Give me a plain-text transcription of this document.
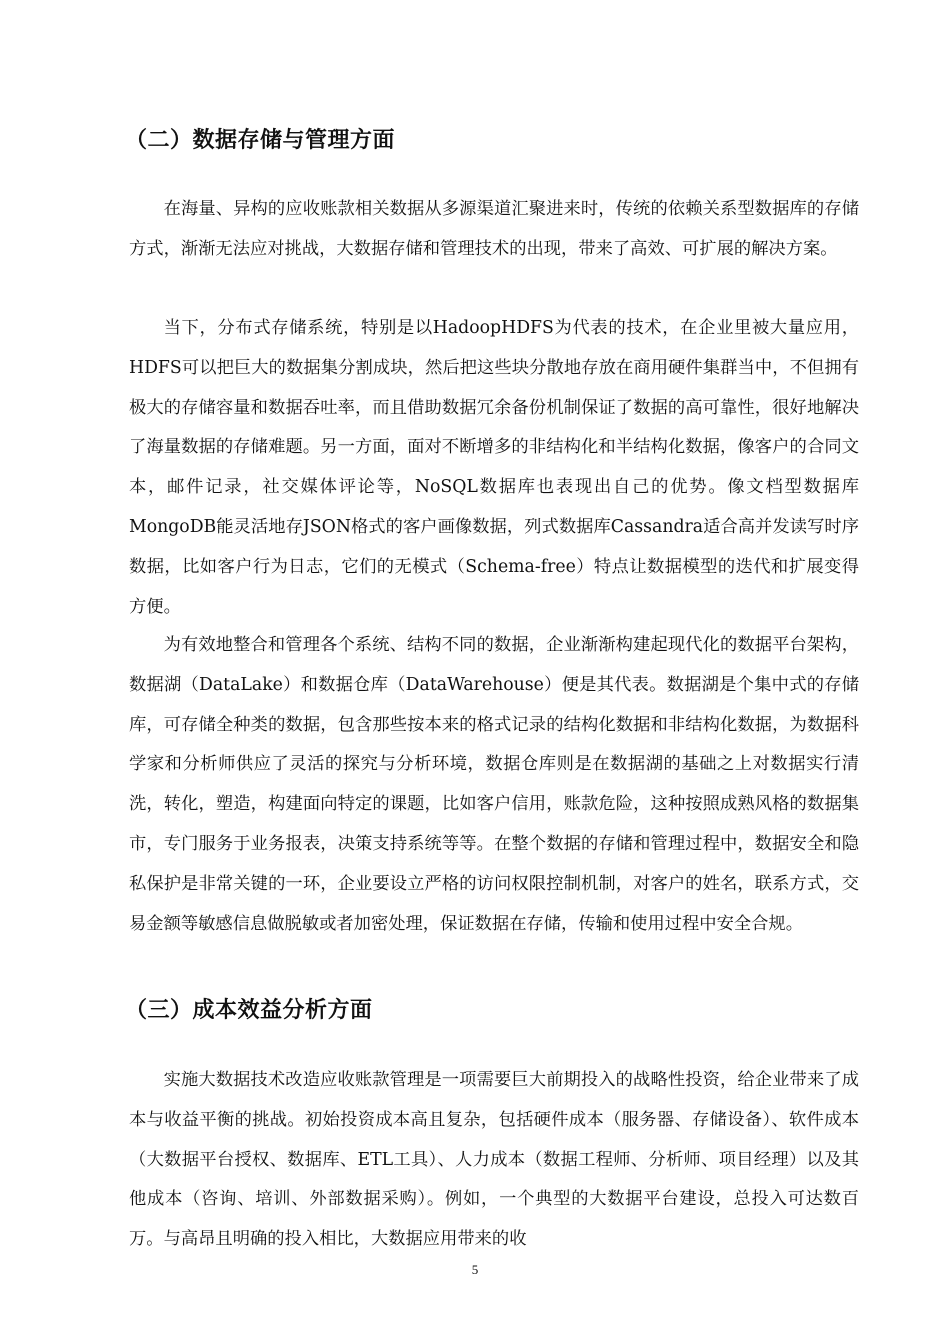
（二）数据存储与管理方面

在海量、异构的应收账款相关数据从多源渠道汇聚进来时，传统的依赖关系型数据库的存储方式，渐渐无法应对挑战，大数据存储和管理技术的出现，带来了高效、可扩展的解决方案。

当下，分布式存储系统，特别是以HadoopHDFS为代表的技术，在企业里被大量应用，HDFS可以把巨大的数据集分割成块，然后把这些块分散地存放在商用硬件集群当中，不但拥有极大的存储容量和数据吞吐率，而且借助数据冗余备份机制保证了数据的高可靠性，很好地解决了海量数据的存储难题。另一方面，面对不断增多的非结构化和半结构化数据，像客户的合同文本，邮件记录，社交媒体评论等，NoSQL数据库也表现出自己的优势。像文档型数据库MongoDB能灵活地存JSON格式的客户画像数据，列式数据库Cassandra适合高并发读写时序数据，比如客户行为日志，它们的无模式（Schema-free）特点让数据模型的迭代和扩展变得方便。

为有效地整合和管理各个系统、结构不同的数据，企业渐渐构建起现代化的数据平台架构，数据湖（DataLake）和数据仓库（DataWarehouse）便是其代表。数据湖是个集中式的存储库，可存储全种类的数据，包含那些按本来的格式记录的结构化数据和非结构化数据，为数据科学家和分析师供应了灵活的探究与分析环境，数据仓库则是在数据湖的基础之上对数据实行清洗，转化，塑造，构建面向特定的课题，比如客户信用，账款危险，这种按照成熟风格的数据集市，专门服务于业务报表，决策支持系统等等。在整个数据的存储和管理过程中，数据安全和隐私保护是非常关键的一环，企业要设立严格的访问权限控制机制，对客户的姓名，联系方式，交易金额等敏感信息做脱敏或者加密处理，保证数据在存储，传输和使用过程中安全合规。

（三）成本效益分析方面

实施大数据技术改造应收账款管理是一项需要巨大前期投入的战略性投资，给企业带来了成本与收益平衡的挑战。初始投资成本高且复杂，包括硬件成本（服务器、存储设备）、软件成本（大数据平台授权、数据库、ETL工具）、人力成本（数据工程师、分析师、项目经理）以及其他成本（咨询、培训、外部数据采购）。例如，一个典型的大数据平台建设，总投入可达数百万。与高昂且明确的投入相比，大数据应用带来的收

5
